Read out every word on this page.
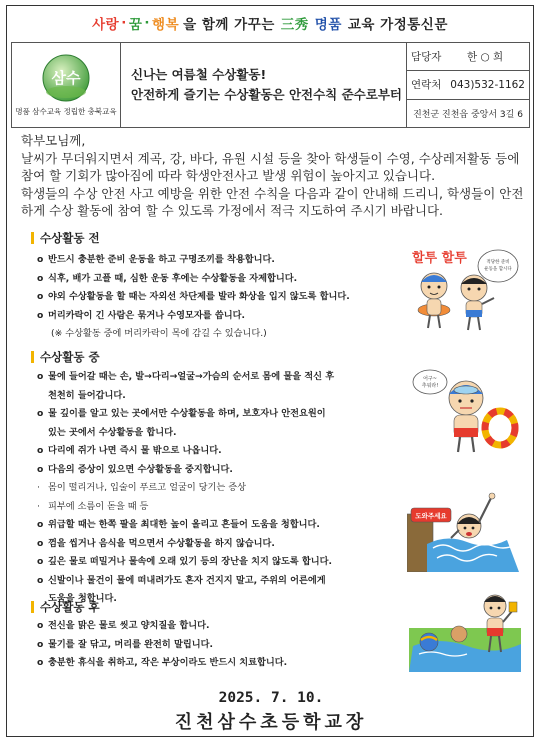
사랑 · 꿈 · 행복 을 함께 가꾸는 三秀 명품 교육 가정통신문
삼수
명품 삼수교육 정립한 충북교육
신나는 여름철 수상활동!
안전하게 즐기는 수상활동은 안전수칙 준수로부터
담당자	한 ○ 희
연락처 043)532-1162
진천군 진천읍 중앙서 3길 6

학부모님께,

날씨가 무더워지면서 계곡, 강, 바다, 유원 시설 등을 찾아 학생들이 수영, 수상레저활동 등에 참여 할 기회가 많아짐에 따라 학생안전사고 발생 위험이 높아지고 있습니다.

학생들의 수상 안전 사고 예방을 위한 안전 수칙을 다음과 같이 안내해 드리니, 학생들이 안전하게 수상 활동에 참여 할 수 있도록 가정에서 적극 지도하여 주시기 바랍니다.

수상활동 전
o 반드시 충분한 준비 운동을 하고 구명조끼를 착용합니다.
o 식후, 배가 고플 때, 심한 운동 후에는 수상활동을 자제합니다.
o 야외 수상활동을 할 때는 자외선 차단제를 발라 화상을 입지 않도록 합니다.
o 머리카락이 긴 사람은 묶거나 수영모자를 씁니다.
(※ 수상활동 중에 머리카락이 목에 감길 수 있습니다.)
수상활동 중
o 물에 들어갈 때는 손, 발→다리→얼굴→가슴의 순서로 몸에 물을 적신 후
천천히 들어갑니다.
o 물 깊이를 알고 있는 곳에서만 수상활동을 하며, 보호자나 안전요원이
있는 곳에서 수상활동을 합니다.
o 다리에 쥐가 나면 즉시 물 밖으로 나옵니다.
o 다음의 증상이 있으면 수상활동을 중지합니다.
· 몸이 떨리거나, 입술이 푸르고 얼굴이 당기는 증상
· 피부에 소름이 돋을 때 등
o 위급할 때는 한쪽 팔을 최대한 높이 올리고 흔들어 도움을 청합니다.
o 껌을 씹거나 음식을 먹으면서 수상활동을 하지 않습니다.
o 깊은 물로 떠밀거나 물속에 오래 있기 등의 장난을 치지 않도록 합니다.
o 신발이나 물건이 물에 떠내려가도 혼자 건지지 말고, 주위의 어른에게
도움을 청합니다.
수상활동 후
o 전신을 맑은 물로 씻고 양치질을 합니다.
o 물기를 잘 닦고, 머리를 완전히 말립니다.
o 충분한 휴식을 취하고, 작은 부상이라도 반드시 치료합니다.
할투 할투	적당한 준비
운동을 합시다
어구~
추워라!
도와주세요
2025. 7. 10.
진천삼수초등학교장
